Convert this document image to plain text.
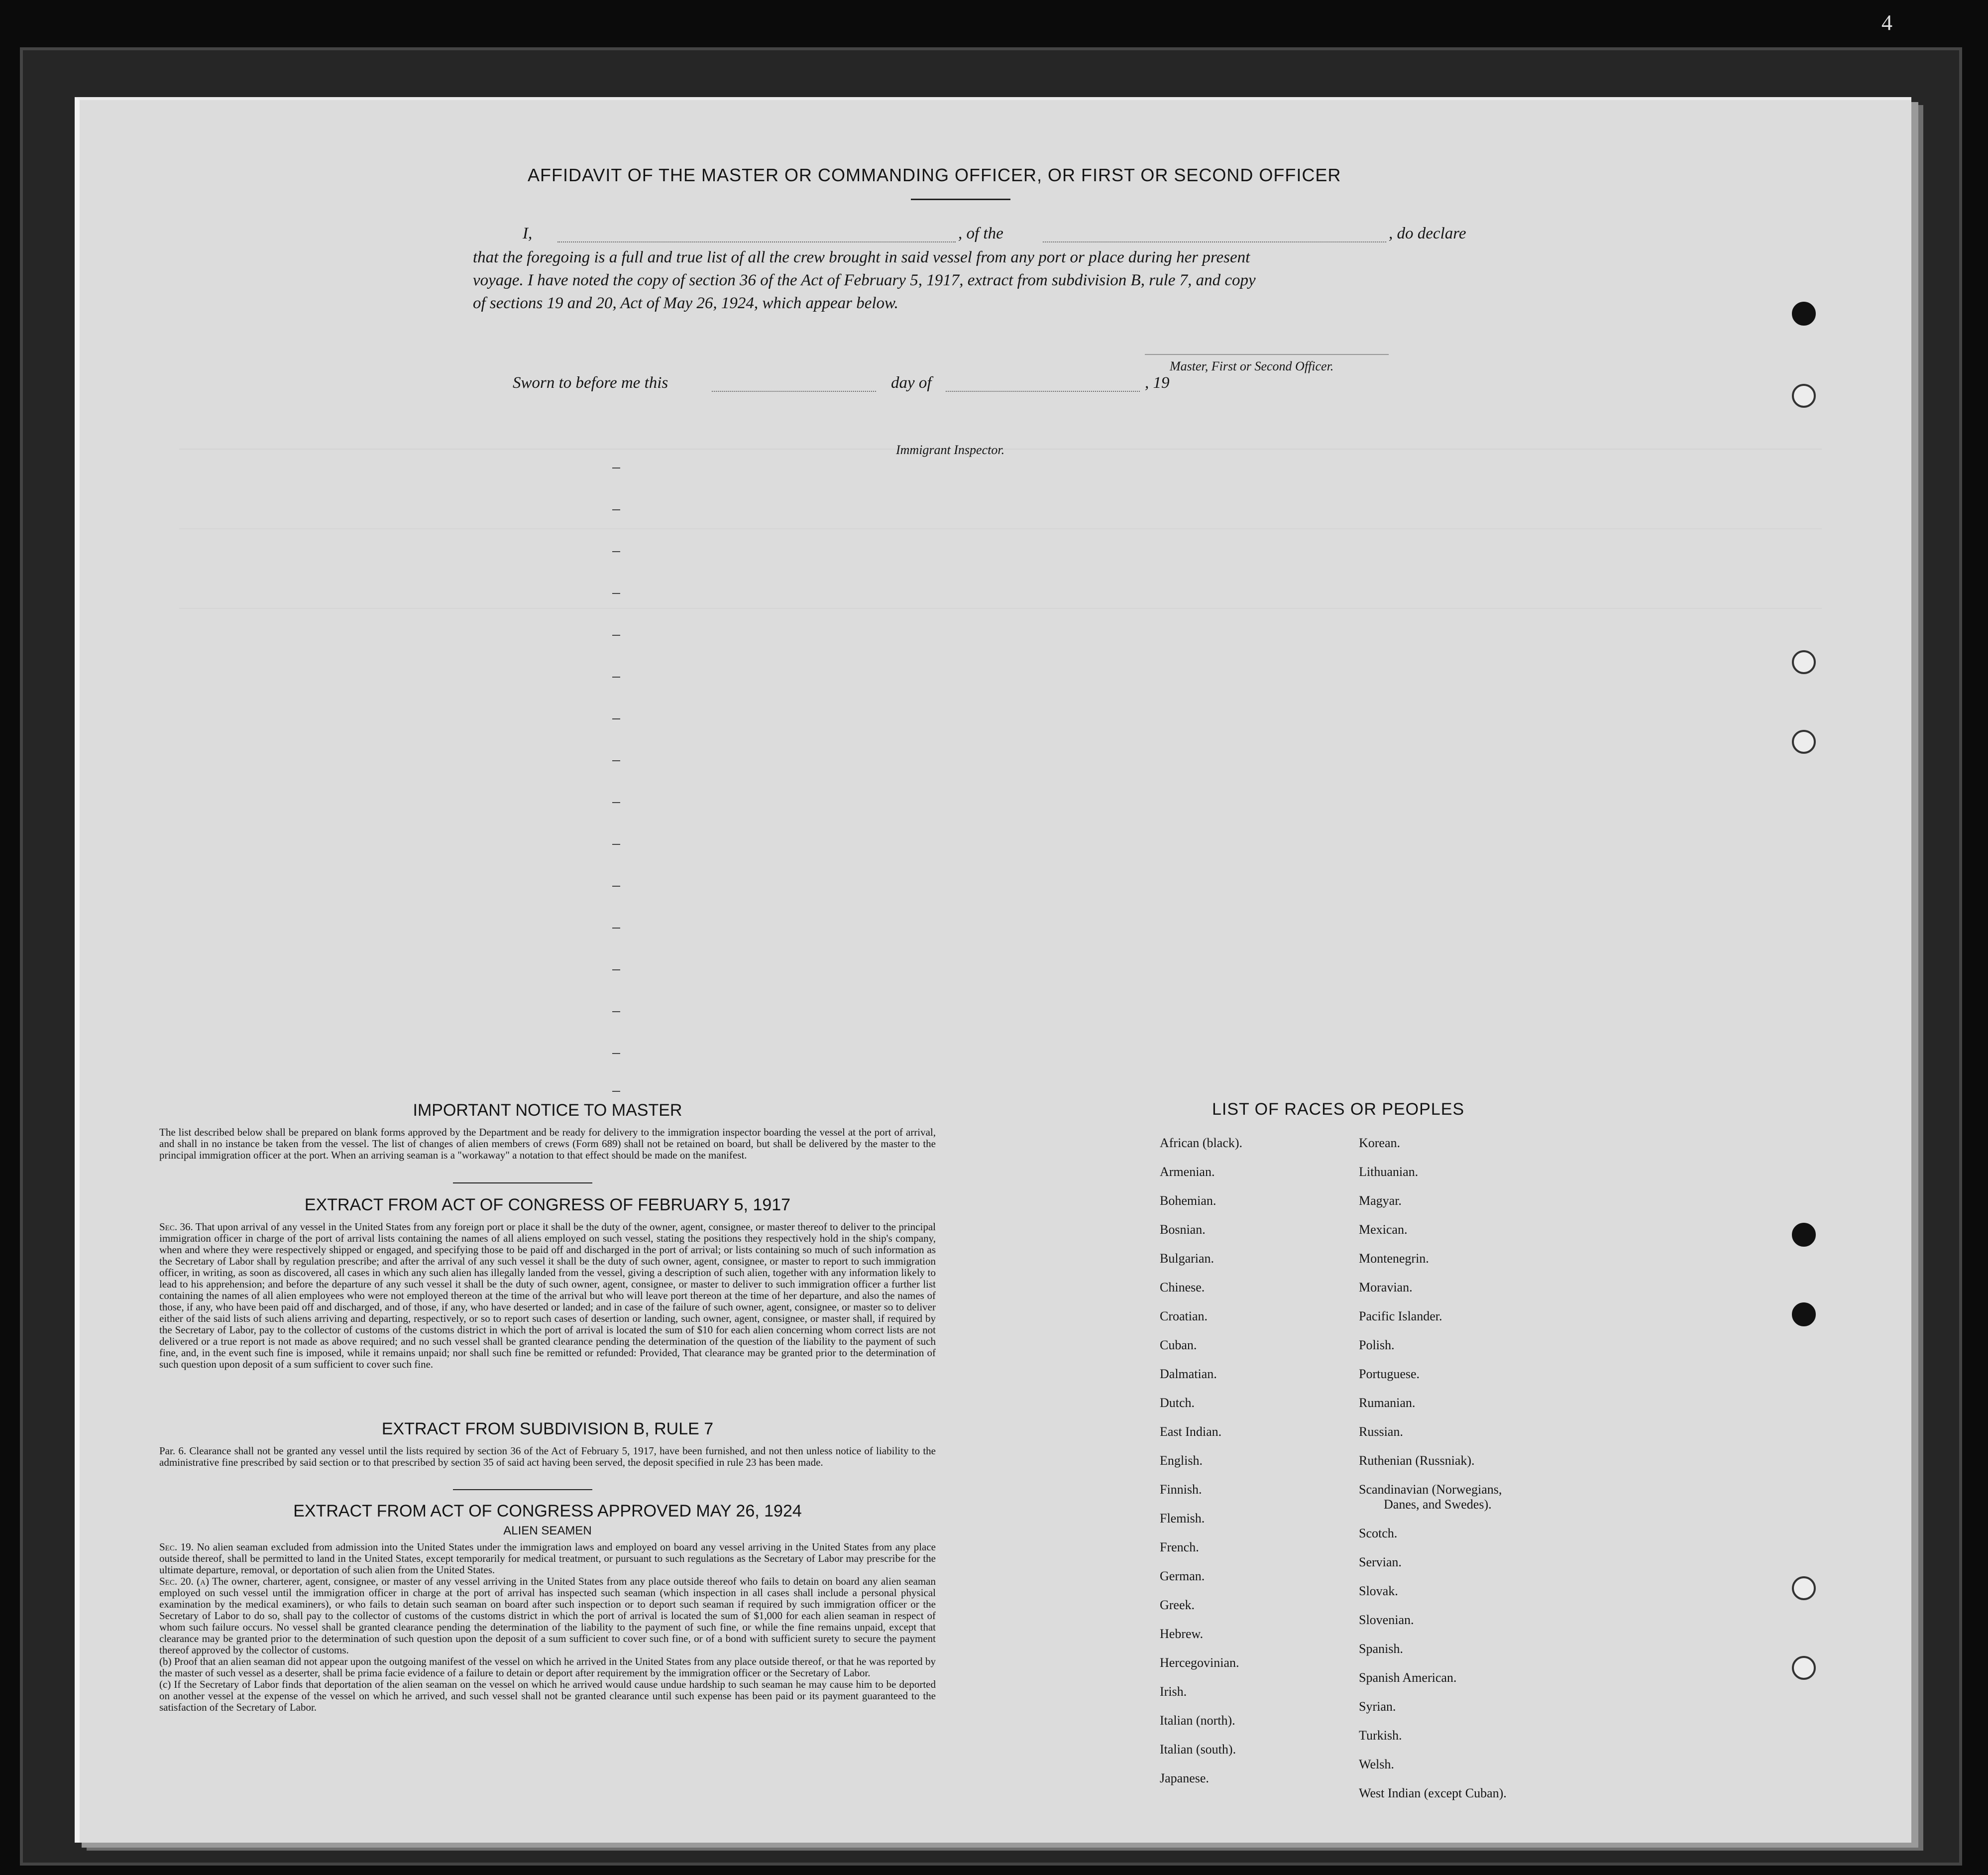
4
AFFIDAVIT OF THE MASTER OR COMMANDING OFFICER, OR FIRST OR SECOND OFFICER
I,	, of the	, do declare
that the foregoing is a full and true list of all the crew brought in said vessel from any port or place during her present
voyage. I have noted the copy of section 36 of the Act of February 5, 1917, extract from subdivision B, rule 7, and copy
of sections 19 and 20, Act of May 26, 1924, which appear below.
Master, First or Second Officer.
Sworn to before me this	day of	, 19
Immigrant Inspector.
IMPORTANT NOTICE TO MASTER
The list described below shall be prepared on blank forms approved by the Department and be ready for delivery to the immigration inspector boarding the vessel at the port of arrival, and shall in no instance be taken from the vessel. The list of changes of alien members of crews (Form 689) shall not be retained on board, but shall be delivered by the master to the principal immigration officer at the port. When an arriving seaman is a "workaway" a notation to that effect should be made on the manifest.
EXTRACT FROM ACT OF CONGRESS OF FEBRUARY 5, 1917
Sec. 36. That upon arrival of any vessel in the United States from any foreign port or place it shall be the duty of the owner, agent, consignee, or master thereof to deliver to the principal immigration officer in charge of the port of arrival lists containing the names of all aliens employed on such vessel, stating the positions they respectively hold in the ship's company, when and where they were respectively shipped or engaged, and specifying those to be paid off and discharged in the port of arrival; or lists containing so much of such information as the Secretary of Labor shall by regulation prescribe; and after the arrival of any such vessel it shall be the duty of such owner, agent, consignee, or master to report to such immigration officer, in writing, as soon as discovered, all cases in which any such alien has illegally landed from the vessel, giving a description of such alien, together with any information likely to lead to his apprehension; and before the departure of any such vessel it shall be the duty of such owner, agent, consignee, or master to deliver to such immigration officer a further list containing the names of all alien employees who were not employed thereon at the time of the arrival but who will leave port thereon at the time of her departure, and also the names of those, if any, who have been paid off and discharged, and of those, if any, who have deserted or landed; and in case of the failure of such owner, agent, consignee, or master so to deliver either of the said lists of such aliens arriving and departing, respectively, or so to report such cases of desertion or landing, such owner, agent, consignee, or master shall, if required by the Secretary of Labor, pay to the collector of customs of the customs district in which the port of arrival is located the sum of $10 for each alien concerning whom correct lists are not delivered or a true report is not made as above required; and no such vessel shall be granted clearance pending the determination of the question of the liability to the payment of such fine, and, in the event such fine is imposed, while it remains unpaid; nor shall such fine be remitted or refunded: Provided, That clearance may be granted prior to the determination of such question upon deposit of a sum sufficient to cover such fine.
EXTRACT FROM SUBDIVISION B, RULE 7
Par. 6. Clearance shall not be granted any vessel until the lists required by section 36 of the Act of February 5, 1917, have been furnished, and not then unless notice of liability to the administrative fine prescribed by said section or to that prescribed by section 35 of said act having been served, the deposit specified in rule 23 has been made.
EXTRACT FROM ACT OF CONGRESS APPROVED MAY 26, 1924
ALIEN SEAMEN
Sec. 19. No alien seaman excluded from admission into the United States under the immigration laws and employed on board any vessel arriving in the United States from any place outside thereof, shall be permitted to land in the United States, except temporarily for medical treatment, or pursuant to such regulations as the Secretary of Labor may prescribe for the ultimate departure, removal, or deportation of such alien from the United States.
Sec. 20. (a) The owner, charterer, agent, consignee, or master of any vessel arriving in the United States from any place outside thereof who fails to detain on board any alien seaman employed on such vessel until the immigration officer in charge at the port of arrival has inspected such seaman (which inspection in all cases shall include a personal physical examination by the medical examiners), or who fails to detain such seaman on board after such inspection or to deport such seaman if required by such immigration officer or the Secretary of Labor to do so, shall pay to the collector of customs of the customs district in which the port of arrival is located the sum of $1,000 for each alien seaman in respect of whom such failure occurs. No vessel shall be granted clearance pending the determination of the liability to the payment of such fine, or while the fine remains unpaid, except that clearance may be granted prior to the determination of such question upon the deposit of a sum sufficient to cover such fine, or of a bond with sufficient surety to secure the payment thereof approved by the collector of customs.
(b) Proof that an alien seaman did not appear upon the outgoing manifest of the vessel on which he arrived in the United States from any place outside thereof, or that he was reported by the master of such vessel as a deserter, shall be prima facie evidence of a failure to detain or deport after requirement by the immigration officer or the Secretary of Labor.
(c) If the Secretary of Labor finds that deportation of the alien seaman on the vessel on which he arrived would cause undue hardship to such seaman he may cause him to be deported on another vessel at the expense of the vessel on which he arrived, and such vessel shall not be granted clearance until such expense has been paid or its payment guaranteed to the satisfaction of the Secretary of Labor.
LIST OF RACES OR PEOPLES
African (black).
Armenian.
Bohemian.
Bosnian.
Bulgarian.
Chinese.
Croatian.
Cuban.
Dalmatian.
Dutch.
East Indian.
English.
Finnish.
Flemish.
French.
German.
Greek.
Hebrew.
Hercegovinian.
Irish.
Italian (north).
Italian (south).
Japanese.
Korean.
Lithuanian.
Magyar.
Mexican.
Montenegrin.
Moravian.
Pacific Islander.
Polish.
Portuguese.
Rumanian.
Russian.
Ruthenian (Russniak).
Scandinavian (Norwegians,
Danes, and Swedes).
Scotch.
Servian.
Slovak.
Slovenian.
Spanish.
Spanish American.
Syrian.
Turkish.
Welsh.
West Indian (except Cuban).
